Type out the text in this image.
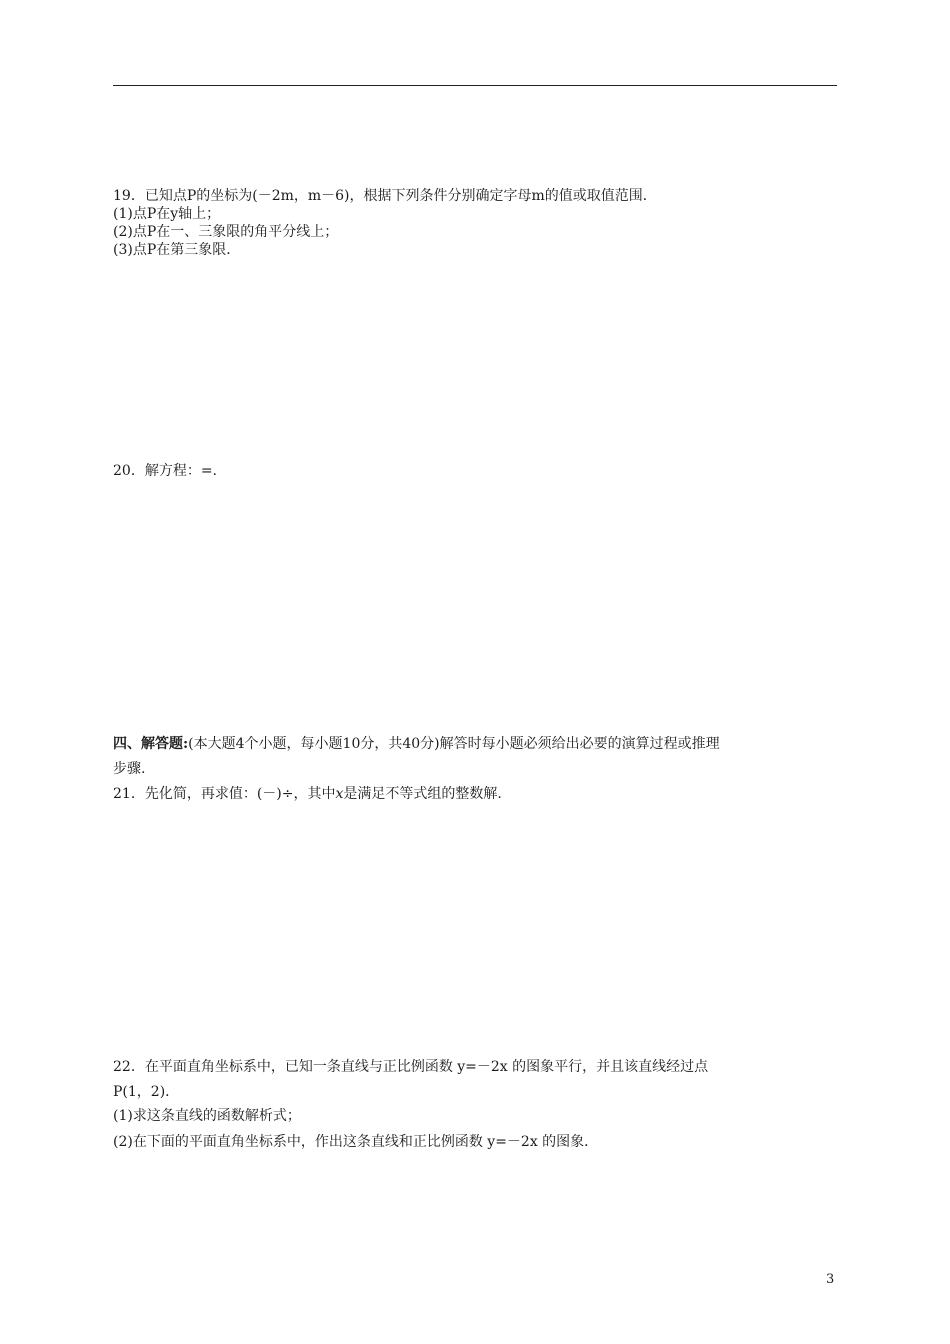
19．已知点P的坐标为(－2m，m－6)，根据下列条件分别确定字母m的值或取值范围．
(1)点P在y轴上；
(2)点P在一、三象限的角平分线上；
(3)点P在第三象限．
20．解方程：=.
四、解答题:(本大题4个小题，每小题10分，共40分)解答时每小题必须给出必要的演算过程或推理
步骤.
21．先化简，再求值：(－)÷，其中x是满足不等式组的整数解.
22．在平面直角坐标系中，已知一条直线与正比例函数 y=－2x 的图象平行，并且该直线经过点
P(1，2)．
(1)求这条直线的函数解析式；
(2)在下面的平面直角坐标系中，作出这条直线和正比例函数 y=－2x 的图象．
3
